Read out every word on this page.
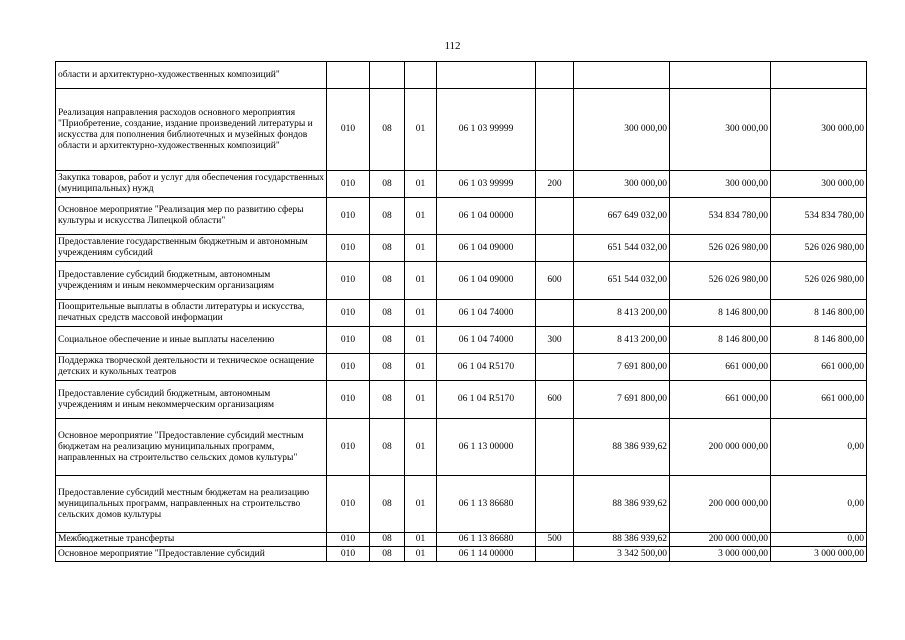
112
области и архитектурно-художественных композиций"								
Реализация направления расходов основного мероприятия "Приобретение, создание, издание произведений литературы и искусства для пополнения библиотечных и музейных фондов области и архитектурно-художественных композиций"	010	08	01	06 1 03 99999		300 000,00	300 000,00	300 000,00
Закупка товаров, работ и услуг для обеспечения государственных (муниципальных) нужд	010	08	01	06 1 03 99999	200	300 000,00	300 000,00	300 000,00
Основное мероприятие "Реализация мер по развитию сферы культуры и искусства Липецкой области"	010	08	01	06 1 04 00000		667 649 032,00	534 834 780,00	534 834 780,00
Предоставление государственным бюджетным и автономным учреждениям субсидий	010	08	01	06 1 04 09000		651 544 032,00	526 026 980,00	526 026 980,00
Предоставление субсидий бюджетным, автономным учреждениям и иным некоммерческим организациям	010	08	01	06 1 04 09000	600	651 544 032,00	526 026 980,00	526 026 980,00
Поощрительные выплаты в области литературы и искусства, печатных средств массовой информации	010	08	01	06 1 04 74000		8 413 200,00	8 146 800,00	8 146 800,00
Социальное обеспечение и иные выплаты населению	010	08	01	06 1 04 74000	300	8 413 200,00	8 146 800,00	8 146 800,00
Поддержка творческой деятельности и техническое оснащение детских и кукольных театров	010	08	01	06 1 04 R5170		7 691 800,00	661 000,00	661 000,00
Предоставление субсидий бюджетным, автономным учреждениям и иным некоммерческим организациям	010	08	01	06 1 04 R5170	600	7 691 800,00	661 000,00	661 000,00
Основное мероприятие "Предоставление субсидий местным бюджетам на реализацию муниципальных программ, направленных на строительство сельских домов культуры"	010	08	01	06 1 13 00000		88 386 939,62	200 000 000,00	0,00
Предоставление субсидий местным бюджетам на реализацию муниципальных программ, направленных на строительство сельских домов культуры	010	08	01	06 1 13 86680		88 386 939,62	200 000 000,00	0,00
Межбюджетные трансферты	010	08	01	06 1 13 86680	500	88 386 939,62	200 000 000,00	0,00
Основное мероприятие "Предоставление субсидий	010	08	01	06 1 14 00000		3 342 500,00	3 000 000,00	3 000 000,00
